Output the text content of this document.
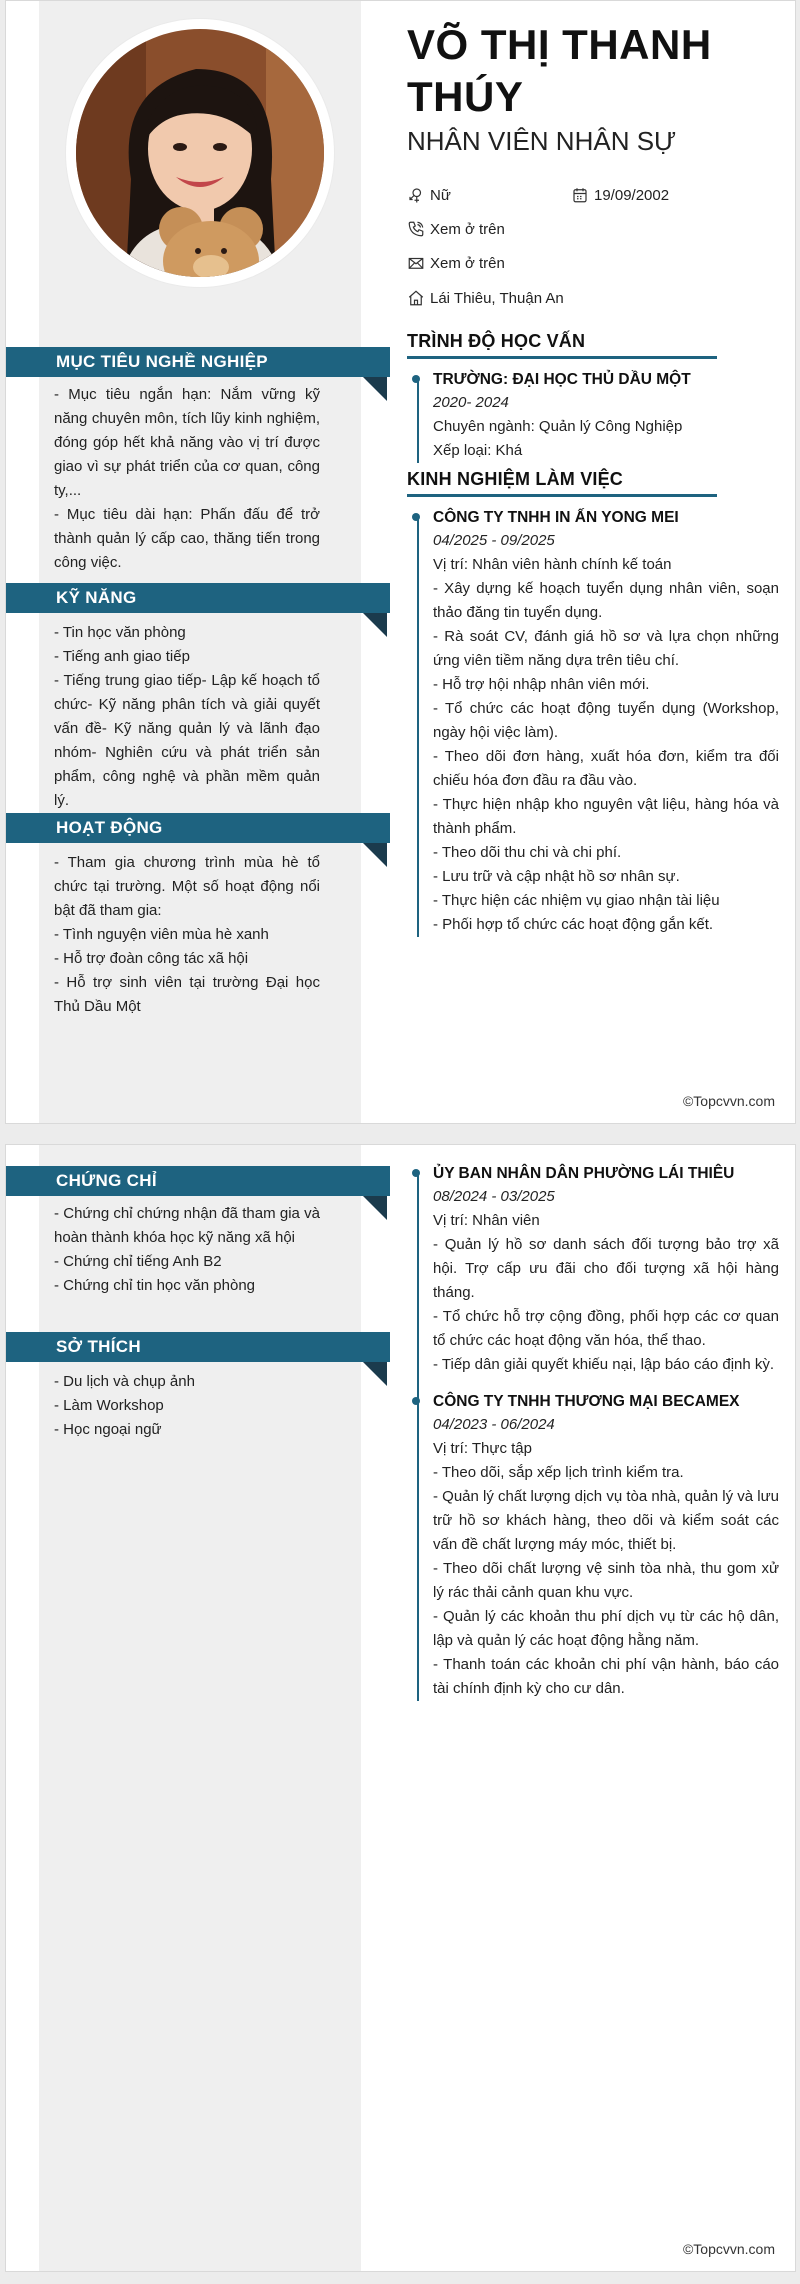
VÕ THỊ THANH THÚY
NHÂN VIÊN NHÂN SỰ
Nữ	19/09/2002
Xem ở trên
Xem ở trên
Lái Thiêu, Thuận An
MỤC TIÊU NGHỀ NGHIỆP

- Mục tiêu ngắn hạn: Nắm vững kỹ năng chuyên môn, tích lũy kinh nghiệm, đóng góp hết khả năng vào vị trí được giao vì sự phát triển của cơ quan, công ty,...

- Mục tiêu dài hạn: Phấn đấu để trở thành quản lý cấp cao, thăng tiến trong công việc.

KỸ NĂNG

- Tin học văn phòng

- Tiếng anh giao tiếp

- Tiếng trung giao tiếp- Lập kế hoạch tổ chức- Kỹ năng phân tích và giải quyết vấn đề- Kỹ năng quản lý và lãnh đạo nhóm- Nghiên cứu và phát triển sản phẩm, công nghệ và phần mềm quản lý.

HOẠT ĐỘNG

- Tham gia chương trình mùa hè tổ chức tại trường. Một số hoạt động nổi bật đã tham gia:

- Tình nguyện viên mùa hè xanh

- Hỗ trợ đoàn công tác xã hội

- Hỗ trợ sinh viên tại trường Đại học Thủ Dầu Một

TRÌNH ĐỘ HỌC VẤN
TRƯỜNG: ĐẠI HỌC THỦ DẦU MỘT
2020- 2024
Chuyên ngành: Quản lý Công Nghiệp
Xếp loại: Khá
KINH NGHIỆM LÀM VIỆC
CÔNG TY TNHH IN ẤN YONG MEI
04/2025 - 09/2025
Vị trí: Nhân viên hành chính kế toán
- Xây dựng kế hoạch tuyển dụng nhân viên, soạn thảo đăng tin tuyển dụng.
- Rà soát CV, đánh giá hồ sơ và lựa chọn những ứng viên tiềm năng dựa trên tiêu chí.
- Hỗ trợ hội nhập nhân viên mới.
- Tổ chức các hoạt động tuyển dụng (Workshop, ngày hội việc làm).
- Theo dõi đơn hàng, xuất hóa đơn, kiểm tra đối chiếu hóa đơn đầu ra đầu vào.
- Thực hiện nhập kho nguyên vật liệu, hàng hóa và thành phẩm.
- Theo dõi thu chi và chi phí.
- Lưu trữ và cập nhật hồ sơ nhân sự.
- Thực hiện các nhiệm vụ giao nhận tài liệu
- Phối hợp tổ chức các hoạt động gắn kết.
©Topcvvn.com
CHỨNG CHỈ

- Chứng chỉ chứng nhận đã tham gia và hoàn thành khóa học kỹ năng xã hội

- Chứng chỉ tiếng Anh B2

- Chứng chỉ tin học văn phòng

SỞ THÍCH

- Du lịch và chụp ảnh

- Làm Workshop

- Học ngoại ngữ

ỦY BAN NHÂN DÂN PHƯỜNG LÁI THIÊU
08/2024 - 03/2025
Vị trí: Nhân viên
- Quản lý hồ sơ danh sách đối tượng bảo trợ xã hội. Trợ cấp ưu đãi cho đối tượng xã hội hàng tháng.
- Tổ chức hỗ trợ cộng đồng, phối hợp các cơ quan tổ chức các hoạt động văn hóa, thể thao.
- Tiếp dân giải quyết khiếu nại, lập báo cáo định kỳ.
CÔNG TY TNHH THƯƠNG MẠI BECAMEX
04/2023 - 06/2024
Vị trí: Thực tập
- Theo dõi, sắp xếp lịch trình kiểm tra.
- Quản lý chất lượng dịch vụ tòa nhà, quản lý và lưu trữ hồ sơ khách hàng, theo dõi và kiểm soát các vấn đề chất lượng máy móc, thiết bị.
- Theo dõi chất lượng vệ sinh tòa nhà, thu gom xử lý rác thải cảnh quan khu vực.
- Quản lý các khoản thu phí dịch vụ từ các hộ dân, lập và quản lý các hoạt động hằng năm.
- Thanh toán các khoản chi phí vận hành, báo cáo tài chính định kỳ cho cư dân.
©Topcvvn.com
